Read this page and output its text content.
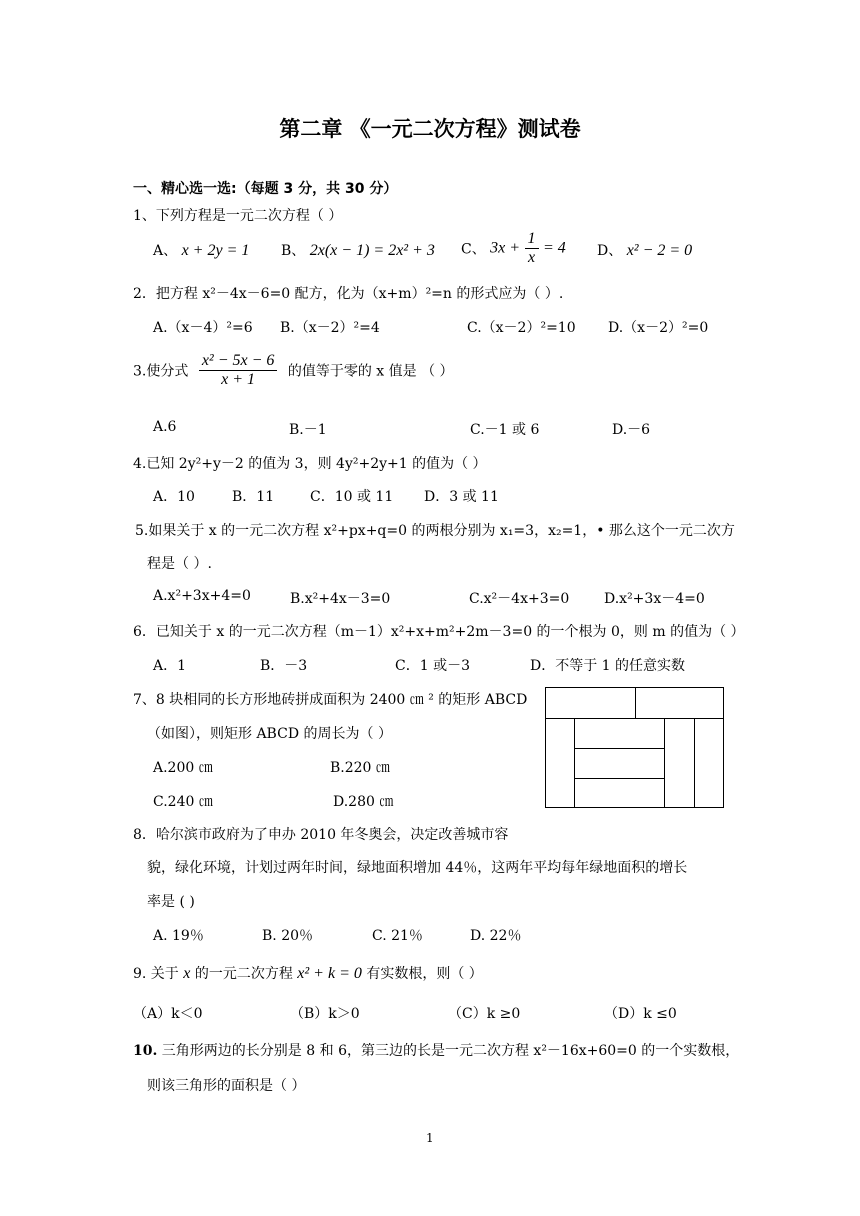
第二章 《一元二次方程》测试卷
一、精心选一选:（每题 3 分，共 30 分）
1、下列方程是一元二次方程（ ）
A、 x + 2y = 1 B、 2x(x − 1) = 2x² + 3 C、 $3x + \frac{1}{x} = 4$ D、 x² − 2 = 0
2．把方程 x²－4x－6=0 配方，化为（x+m）²=n 的形式应为（ ）.
A.（x－4）²=6 B.（x－2）²=4	C.（x－2）²=10 D.（x－2）²=0
3.使分式 $\frac{\text{x² − 5x − 6}}{x + 1}$ 的值等于零的 x 值是 （ ）
A.6	B.－1	C.－1 或 6	D.－6
4.已知 2y²+y－2 的值为 3，则 4y²+2y+1 的值为（ ）
A．10	B．11	C．10 或 11 D．3 或 11
5.如果关于 x 的一元二次方程 x²+px+q=0 的两根分别为 x₁=3，x₂=1，• 那么这个一元二次方
程是（ ）.
A.x²+3x+4=0	B.x²+4x－3=0	C.x²－4x+3=0 D.x²+3x－4=0
6．已知关于 x 的一元二次方程（m－1）x²+x+m²+2m－3=0 的一个根为 0，则 m 的值为（ ）
A．1	B．－3	C．1 或－3	D．不等于 1 的任意实数
7、8 块相同的长方形地砖拼成面积为 2400 ㎝ ² 的矩形 ABCD
（如图），则矩形 ABCD 的周长为（ ）
A.200 ㎝	B.220 ㎝
C.240 ㎝	D.280 ㎝
8．哈尔滨市政府为了申办 2010 年冬奥会，决定改善城市容
貌，绿化环境，计划过两年时间，绿地面积增加 44％，这两年平均每年绿地面积的增长
率是 ( )
A. 19％	B. 20％	C. 21％	D. 22％
9. 关于 x 的一元二次方程 x² + k = 0 有实数根，则（ ）
（A）k＜0	（B）k＞0	（C）k ≥0	（D）k ≤0
10. 三角形两边的长分别是 8 和 6，第三边的长是一元二次方程 x²－16x+60=0 的一个实数根，
则该三角形的面积是（ ）
1
